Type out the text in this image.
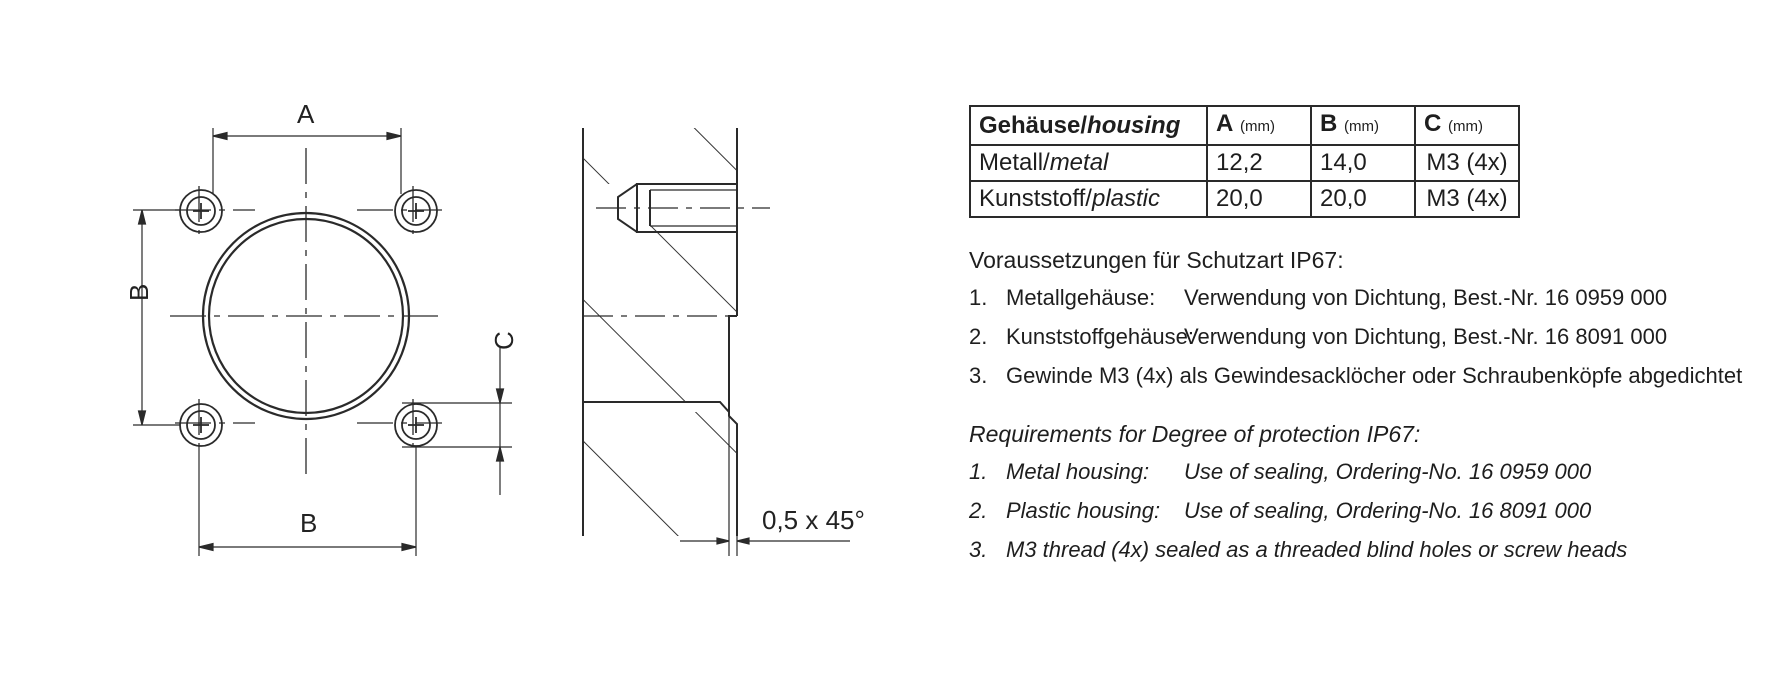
A
B
B
C
0,5 x 45°
Gehäuse/housing	A (mm)	B (mm)	C (mm)
Metall/metal	12,2	14,0	M3 (4x)
Kunststoff/plastic	20,0	20,0	M3 (4x)
Voraussetzungen für Schutzart IP67:
1. Metallgehäuse: Verwendung von Dichtung, Best.-Nr. 16 0959 000
2. Kunststoffgehäuse:
Verwendung von Dichtung, Best.-Nr. 16 8091 000
3. Gewinde M3 (4x) als Gewindesacklöcher oder Schraubenköpfe abgedichtet
Requirements for Degree of protection IP67:
1. Metal housing: Use of sealing, Ordering-No. 16 0959 000
2. Plastic housing: Use of sealing, Ordering-No. 16 8091 000
3. M3 thread (4x) sealed as a threaded blind holes or screw heads
